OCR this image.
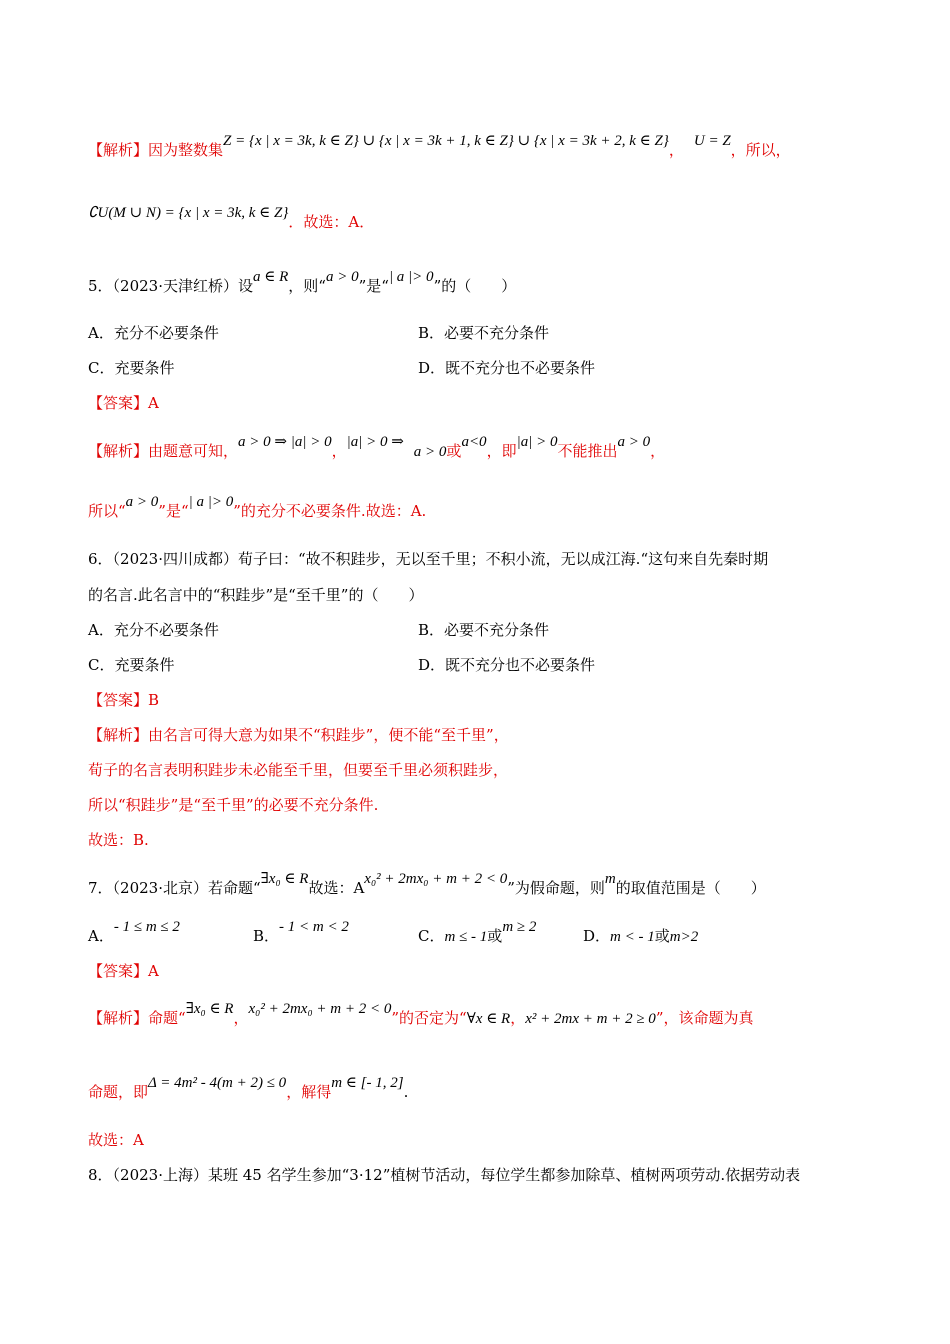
【解析】因为整数集Z = {x | x = 3k, k ∈ Z} ∪ {x | x = 3k + 1, k ∈ Z} ∪ {x | x = 3k + 2, k ∈ Z}， U = Z，所以，
∁U(M ∪ N) = {x | x = 3k, k ∈ Z}．故选：A．
5．（2023·天津红桥）设a ∈ R，则“a > 0”是“| a |> 0”的（　　）
A．充分不必要条件	B．必要不充分条件
C．充要条件	D．既不充分也不必要条件
【答案】A
【解析】由题意可知，a > 0 ⇒ |a| > 0，|a| > 0 ⇒a > 0或a<0，即|a| > 0不能推出a > 0，
所以“a > 0”是“| a |> 0”的充分不必要条件.故选：A.
6．（2023·四川成都）荀子曰：“故不积跬步，无以至千里；不积小流，无以成江海.“这句来自先秦时期
的名言.此名言中的“积跬步”是“至千里”的（　　）
A．充分不必要条件	B．必要不充分条件
C．充要条件	D．既不充分也不必要条件
【答案】B
【解析】由名言可得大意为如果不“积跬步”，便不能“至千里”，
荀子的名言表明积跬步未必能至千里，但要至千里必须积跬步，
所以“积跬步”是“至千里”的必要不充分条件.
故选：B.
7．（2023·北京）若命题“∃x₀ ∈ R故选：Ax₀² + 2mx₀ + m + 2 < 0”为假命题，则m的取值范围是（　　）
A．- 1 ≤ m ≤ 2	B．- 1 < m < 2	C．m ≤ - 1或m ≥ 2	D．m < - 1或m>2
【答案】A
【解析】命题“∃x₀ ∈ R，x₀² + 2mx₀ + m + 2 < 0”的否定为“∀x ∈ R，x² + 2mx + m + 2 ≥ 0”，该命题为真
命题，即Δ = 4m² - 4(m + 2) ≤ 0，解得m ∈ [- 1, 2].
故选：A
8．（2023·上海）某班 45 名学生参加“3·12”植树节活动，每位学生都参加除草、植树两项劳动.依据劳动表
